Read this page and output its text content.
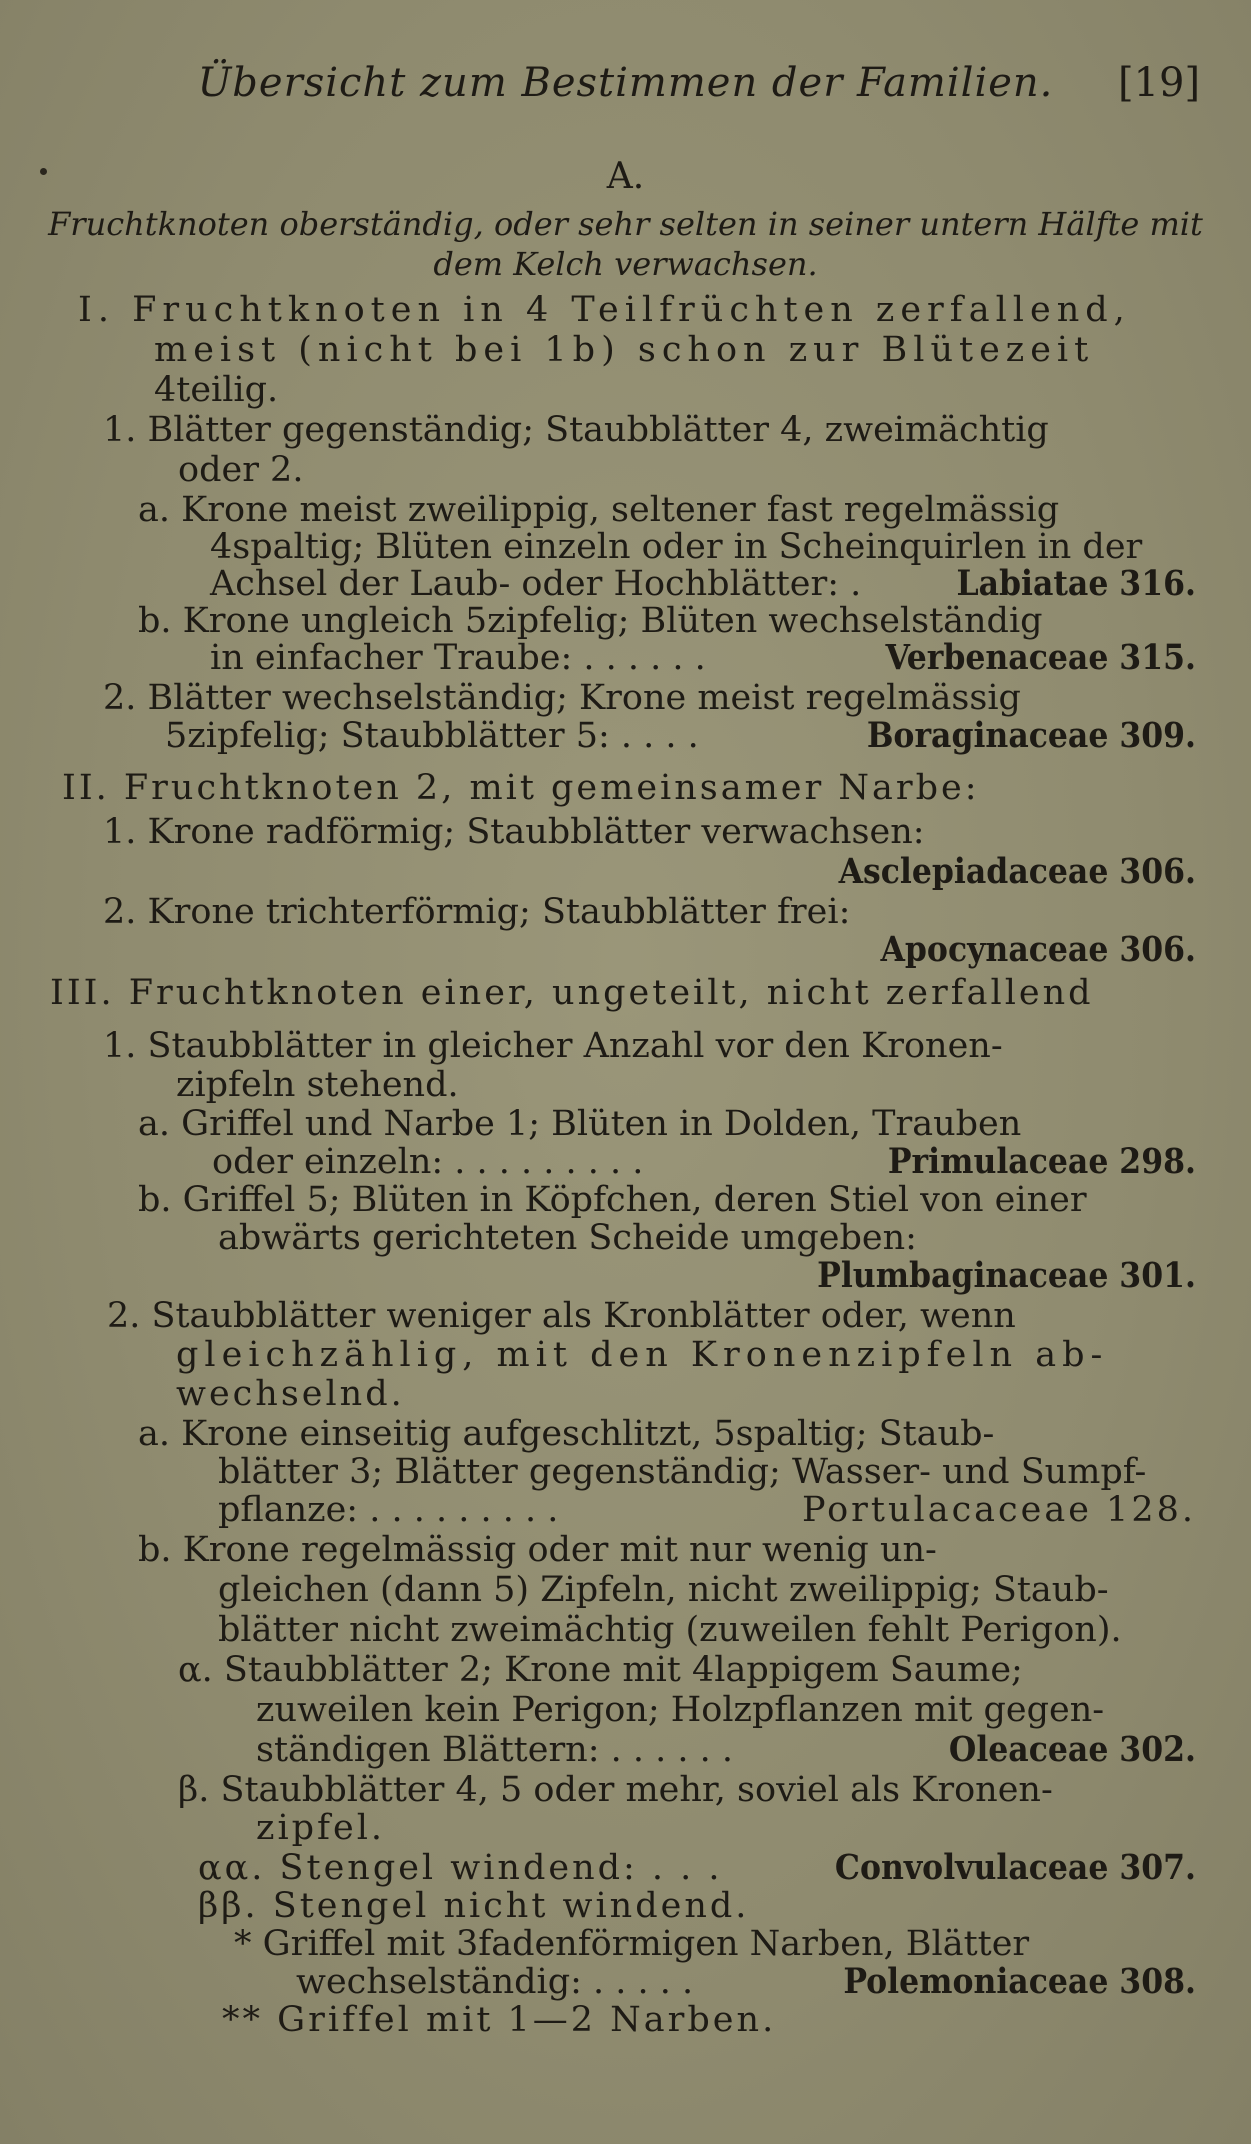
Übersicht zum Bestimmen der Familien.	[19]
A.
Fruchtknoten oberständig, oder sehr selten in seiner untern Hälfte mit
dem Kelch verwachsen.
I. Fruchtknoten in 4 Teilfrüchten zerfallend,
meist (nicht bei 1b) schon zur Blütezeit
4teilig.
1. Blätter gegenständig; Staubblätter 4, zweimächtig
oder 2.
a. Krone meist zweilippig, seltener fast regelmässig
4spaltig; Blüten einzeln oder in Scheinquirlen in der
Achsel der Laub- oder Hochblätter: .	Labiatae 316.
b. Krone ungleich 5zipfelig; Blüten wechselständig
in einfacher Traube: . . . . . .	Verbenaceae 315.
2. Blätter wechselständig; Krone meist regelmässig
5zipfelig; Staubblätter 5: . . . .	Boraginaceae 309.
II. Fruchtknoten 2, mit gemeinsamer Narbe:
1. Krone radförmig; Staubblätter verwachsen:
Asclepiadaceae 306.
2. Krone trichterförmig; Staubblätter frei:
Apocynaceae 306.
III. Fruchtknoten einer, ungeteilt, nicht zerfallend
1. Staubblätter in gleicher Anzahl vor den Kronen-
zipfeln stehend.
a. Griffel und Narbe 1; Blüten in Dolden, Trauben
oder einzeln: . . . . . . . . .	Primulaceae 298.
b. Griffel 5; Blüten in Köpfchen, deren Stiel von einer
abwärts gerichteten Scheide umgeben:
Plumbaginaceae 301.
2. Staubblätter weniger als Kronblätter oder, wenn
gleichzählig, mit den Kronenzipfeln ab-
wechselnd.
a. Krone einseitig aufgeschlitzt, 5spaltig; Staub-
blätter 3; Blätter gegenständig; Wasser- und Sumpf-
pflanze: . . . . . . . . .	Portulacaceae 128.
b. Krone regelmässig oder mit nur wenig un-
gleichen (dann 5) Zipfeln, nicht zweilippig; Staub-
blätter nicht zweimächtig (zuweilen fehlt Perigon).
α. Staubblätter 2; Krone mit 4lappigem Saume;
zuweilen kein Perigon; Holzpflanzen mit gegen-
ständigen Blättern: . . . . . .	Oleaceae 302.
β. Staubblätter 4, 5 oder mehr, soviel als Kronen-
zipfel.
αα. Stengel windend: . . .	Convolvulaceae 307.
ββ. Stengel nicht windend.
* Griffel mit 3fadenförmigen Narben, Blätter
wechselständig: . . . . .	Polemoniaceae 308.
** Griffel mit 1—2 Narben.
